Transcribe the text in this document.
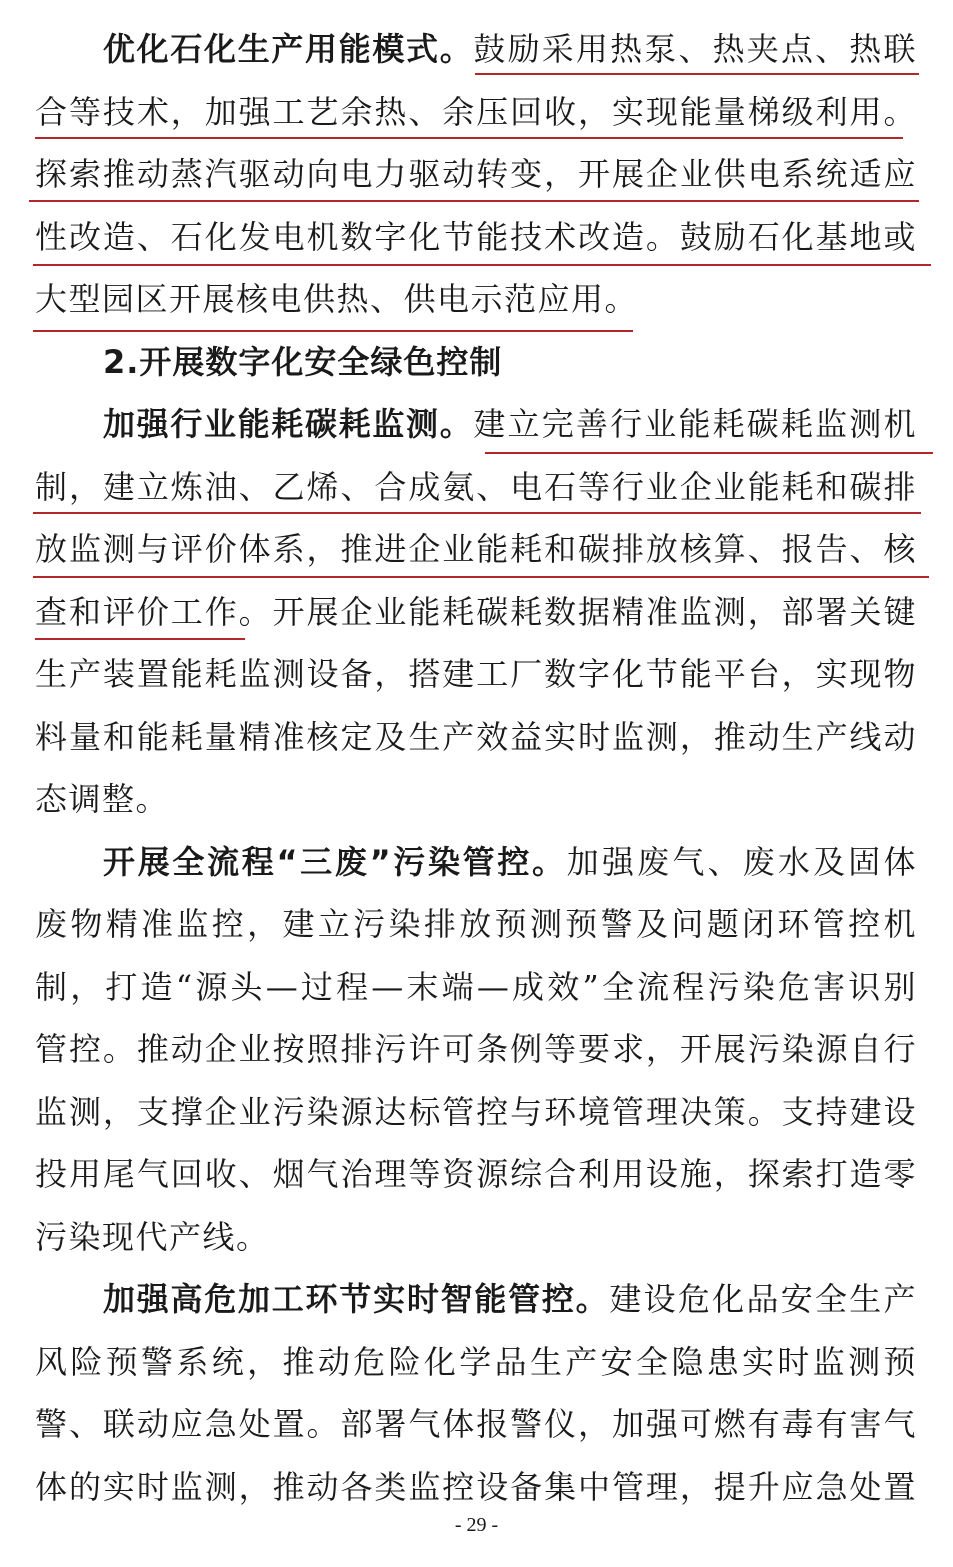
优化石化生产用能模式。鼓励采用热泵、热夹点、热联
合等技术，加强工艺余热、余压回收，实现能量梯级利用。
探索推动蒸汽驱动向电力驱动转变，开展企业供电系统适应
性改造、石化发电机数字化节能技术改造。鼓励石化基地或
大型园区开展核电供热、供电示范应用。
2.开展数字化安全绿色控制
加强行业能耗碳耗监测。建立完善行业能耗碳耗监测机
制，建立炼油、乙烯、合成氨、电石等行业企业能耗和碳排
放监测与评价体系，推进企业能耗和碳排放核算、报告、核
查和评价工作。开展企业能耗碳耗数据精准监测，部署关键
生产装置能耗监测设备，搭建工厂数字化节能平台，实现物
料量和能耗量精准核定及生产效益实时监测，推动生产线动
态调整。
开展全流程“三废”污染管控。加强废气、废水及固体
废物精准监控，建立污染排放预测预警及问题闭环管控机
制，打造“源头—过程—末端—成效”全流程污染危害识别
管控。推动企业按照排污许可条例等要求，开展污染源自行
监测，支撑企业污染源达标管控与环境管理决策。支持建设
投用尾气回收、烟气治理等资源综合利用设施，探索打造零
污染现代产线。
加强高危加工环节实时智能管控。建设危化品安全生产
风险预警系统，推动危险化学品生产安全隐患实时监测预
警、联动应急处置。部署气体报警仪，加强可燃有毒有害气
体的实时监测，推动各类监控设备集中管理，提升应急处置
- 29 -
